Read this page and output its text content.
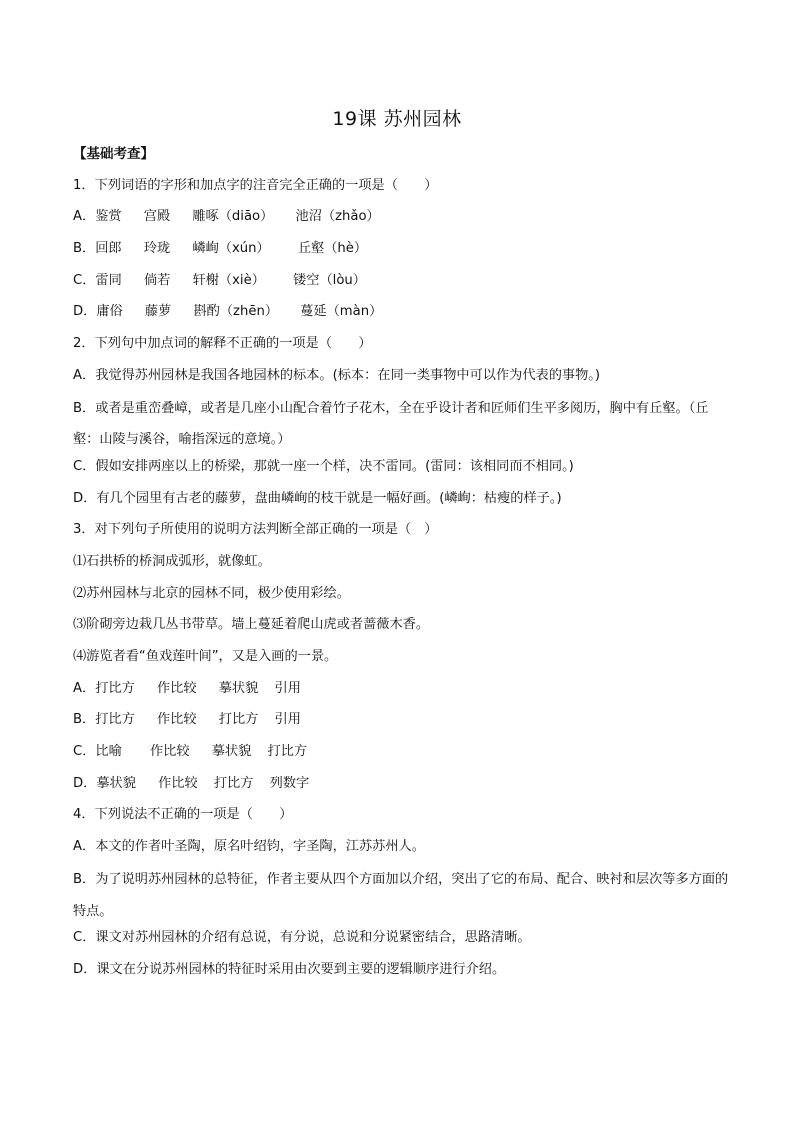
19课 苏州园林
【基础考查】
1．下列词语的字形和加点字的注音完全正确的一项是（　　）
A．鉴赏 宫殿 雕啄（diāo） 池沼（zhǎo）
B．回郎 玲珑 嶙峋（xún） 丘壑（hè）
C．雷同 倘若 轩榭（xiè） 镂空（lòu）
D．庸俗 藤萝 斟酌（zhēn） 蔓延（màn）
2．下列句中加点词的解释不正确的一项是（　　）
A．我觉得苏州园林是我国各地园林的标本。(标本：在同一类事物中可以作为代表的事物。)
B．或者是重峦叠嶂，或者是几座小山配合着竹子花木，全在乎设计者和匠师们生平多阅历，胸中有丘壑。（丘壑：山陵与溪谷，喻指深远的意境。）
C．假如安排两座以上的桥梁，那就一座一个样，决不雷同。(雷同：该相同而不相同。)
D．有几个园里有古老的藤萝，盘曲嶙峋的枝干就是一幅好画。(嶙峋：枯瘦的样子。)
3．对下列句子所使用的说明方法判断全部正确的一项是（　）
⑴石拱桥的桥洞成弧形，就像虹。
⑵苏州园林与北京的园林不同，极少使用彩绘。
⑶阶砌旁边栽几丛书带草。墙上蔓延着爬山虎或者蔷薇木香。
⑷游览者看“鱼戏莲叶间”，又是入画的一景。
A．打比方 作比较 摹状貌 引用
B．打比方 作比较 打比方 引用
C．比喻 作比较 摹状貌 打比方
D．摹状貌 作比较 打比方 列数字
4．下列说法不正确的一项是（　　）
A．本文的作者叶圣陶，原名叶绍钧，字圣陶，江苏苏州人。
B．为了说明苏州园林的总特征，作者主要从四个方面加以介绍，突出了它的布局、配合、映衬和层次等多方面的特点。
C．课文对苏州园林的介绍有总说，有分说，总说和分说紧密结合，思路清晰。
D．课文在分说苏州园林的特征时采用由次要到主要的逻辑顺序进行介绍。
